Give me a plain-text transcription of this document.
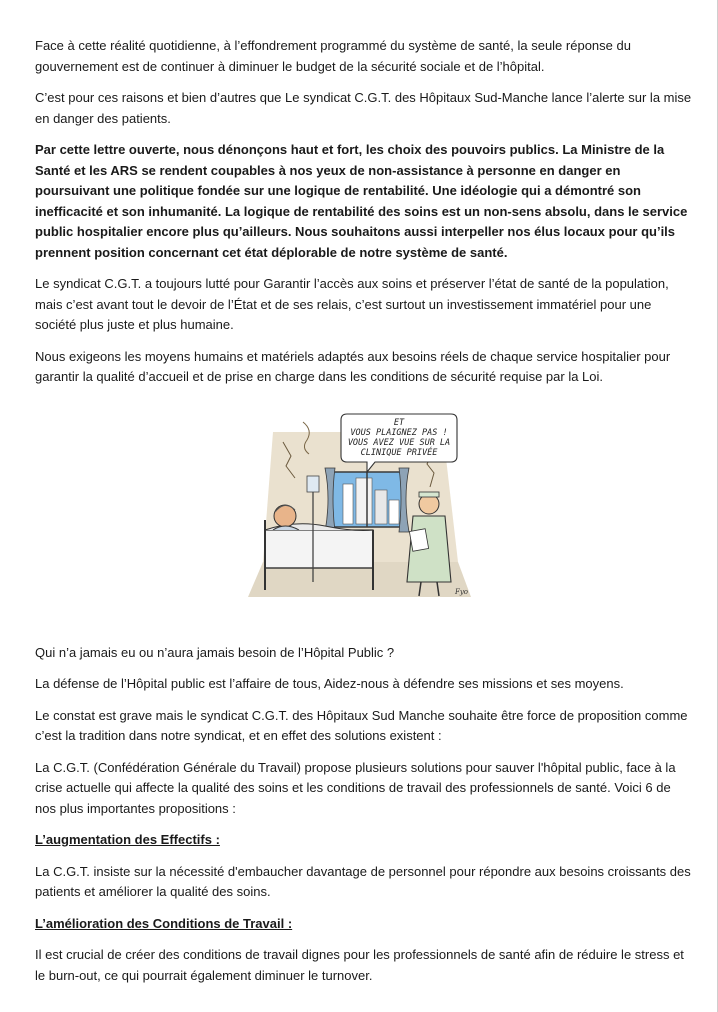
Face à cette réalité quotidienne, à l’effondrement programmé du système de santé, la seule réponse du gouvernement est de continuer à diminuer le budget de la sécurité sociale et de l’hôpital.

C’est pour ces raisons et bien d’autres que Le syndicat C.G.T. des Hôpitaux Sud-Manche lance l’alerte sur la mise en danger des patients.

Par cette lettre ouverte, nous dénonçons haut et fort, les choix des pouvoirs publics. La Ministre de la Santé et les ARS se rendent coupables à nos yeux de non-assistance à personne en danger en poursuivant une politique fondée sur une logique de rentabilité. Une idéologie qui a démontré son inefficacité et son inhumanité. La logique de rentabilité des soins est un non-sens absolu, dans le service public hospitalier encore plus qu’ailleurs. Nous souhaitons aussi interpeller nos élus locaux pour qu’ils prennent position concernant cet état déplorable de notre système de santé.

Le syndicat C.G.T. a toujours lutté pour Garantir l’accès aux soins et préserver l’état de santé de la population, mais c’est avant tout le devoir de l’État et de ses relais, c’est surtout un investissement immatériel pour une société plus juste et plus humaine.

Nous exigeons les moyens humains et matériels adaptés aux besoins réels de chaque service hospitalier pour garantir la qualité d’accueil et de prise en charge dans les conditions de sécurité requise par la Loi.

ET
VOUS PLAIGNEZ PAS !
VOUS AVEZ VUE SUR LA
CLINIQUE PRIVÉE
Fyo

Qui n’a jamais eu ou n’aura jamais besoin de l’Hôpital Public ?

La défense de l’Hôpital public est l’affaire de tous, Aidez-nous à défendre ses missions et ses moyens.

Le constat est grave mais le syndicat C.G.T. des Hôpitaux Sud Manche souhaite être force de proposition comme c’est la tradition dans notre syndicat, et en effet des solutions existent :

La C.G.T. (Confédération Générale du Travail) propose plusieurs solutions pour sauver l'hôpital public, face à la crise actuelle qui affecte la qualité des soins et les conditions de travail des professionnels de santé. Voici 6 de nos plus importantes propositions :

L’augmentation des Effectifs :

La C.G.T. insiste sur la nécessité d'embaucher davantage de personnel pour répondre aux besoins croissants des patients et améliorer la qualité des soins.

L’amélioration des Conditions de Travail :

Il est crucial de créer des conditions de travail dignes pour les professionnels de santé afin de réduire le stress et le burn-out, ce qui pourrait également diminuer le turnover.
